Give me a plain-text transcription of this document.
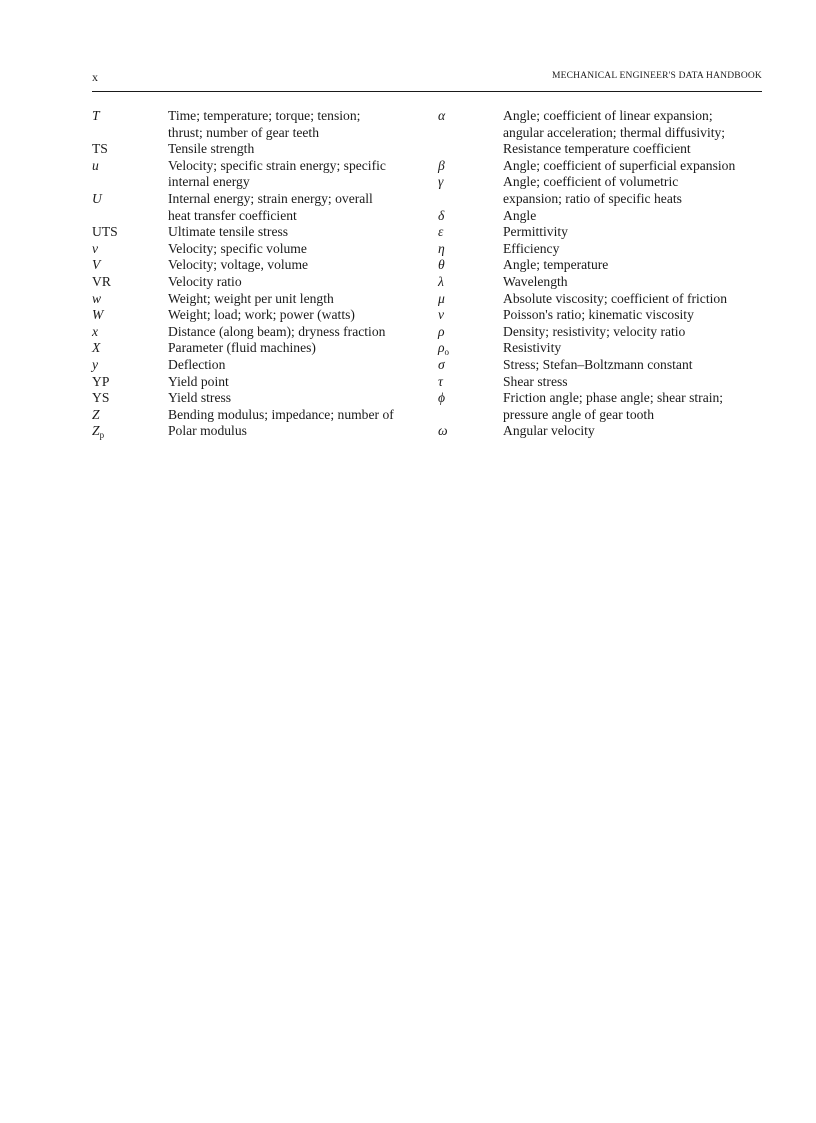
x	MECHANICAL ENGINEER'S DATA HANDBOOK
T
TS
u
U
UTS
v
V
VR
w
W
x
X
y
YP
YS
Z
$Z_p$
Time; temperature; torque; tension;
thrust; number of gear teeth
Tensile strength
Velocity; specific strain energy; specific
internal energy
Internal energy; strain energy; overall
heat transfer coefficient
Ultimate tensile stress
Velocity; specific volume
Velocity; voltage, volume
Velocity ratio
Weight; weight per unit length
Weight; load; work; power (watts)
Distance (along beam); dryness fraction
Parameter (fluid machines)
Deflection
Yield point
Yield stress
Bending modulus; impedance; number of
Polar modulus
α
β
γ
δ
ε
η
θ
λ
μ
ν
ρ
$\rho_o$
σ
τ
ϕ
ω
Angle; coefficient of linear expansion;
angular acceleration; thermal diffusivity;
Resistance temperature coefficient
Angle; coefficient of superficial expansion
Angle; coefficient of volumetric
expansion; ratio of specific heats
Angle
Permittivity
Efficiency
Angle; temperature
Wavelength
Absolute viscosity; coefficient of friction
Poisson's ratio; kinematic viscosity
Density; resistivity; velocity ratio
Resistivity
Stress; Stefan–Boltzmann constant
Shear stress
Friction angle; phase angle; shear strain;
pressure angle of gear tooth
Angular velocity
